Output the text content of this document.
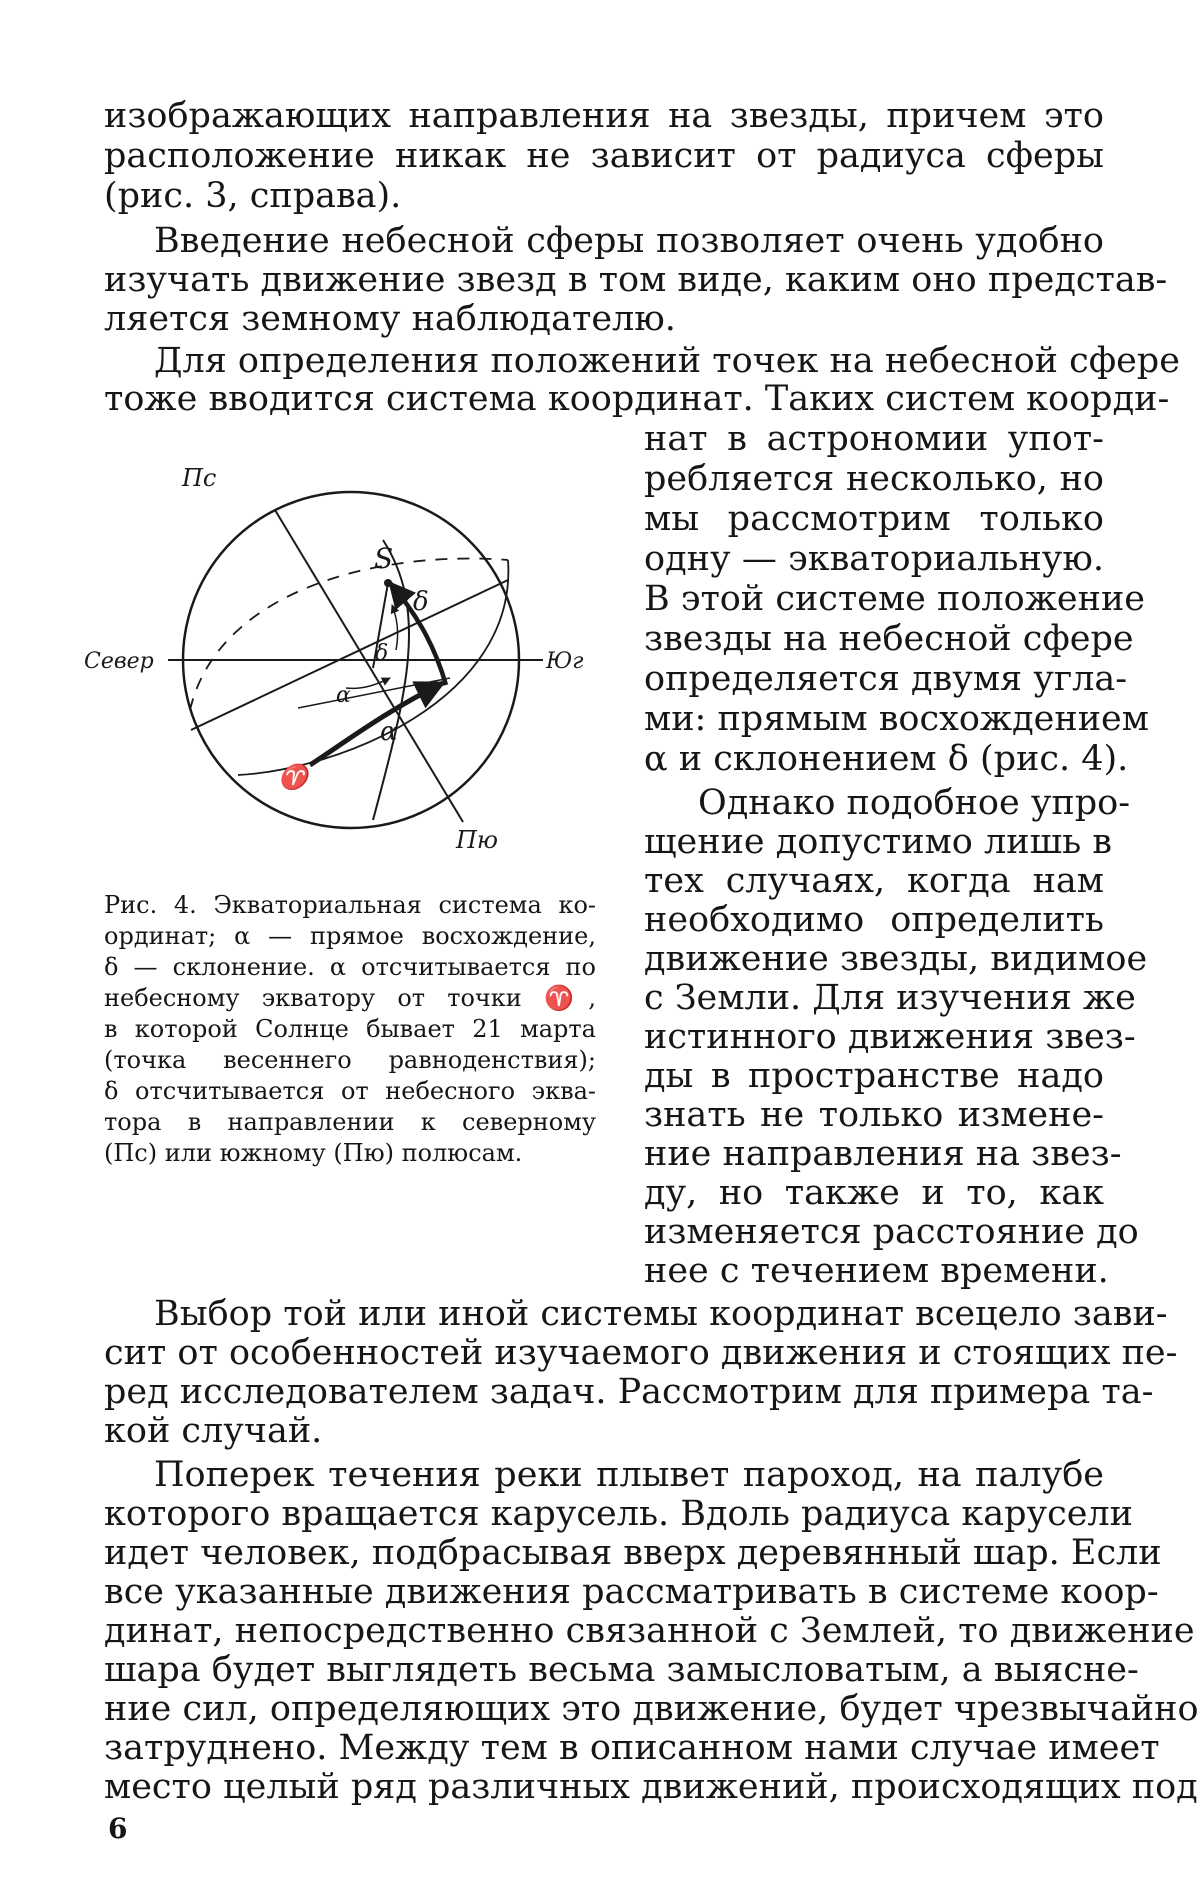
изображающих направления на звезды, причем это

расположение никак не зависит от радиуса сферы

(рис. 3, справа).

Введение небесной сферы позволяет очень удобно

изучать движение звезд в том виде, каким оно представ-

ляется земному наблюдателю.

Для определения положений точек на небесной сфере

тоже вводится система координат. Таких систем коорди-

нат в астрономии упот-

ребляется несколько, но

мы рассмотрим только

одну — экваториальную.

В этой системе положение

звезды на небесной сфере

определяется двумя угла-

ми: прямым восхождением

α и склонением δ (рис. 4).

Однако подобное упро-

щение допустимо лишь в

тех случаях, когда нам

необходимо определить

движение звезды, видимое

с Земли. Для изучения же

истинного движения звез-

ды в пространстве надо

знать не только измене-

ние направления на звез-

ду, но также и то, как

изменяется расстояние до

нее с течением времени.

Пс
Пю
Север	Юг
S
δ
δ
α
α
♈

Рис. 4. Экваториальная система ко-

ординат; α — прямое восхождение,

δ — склонение. α отсчитывается по

небесному экватору от точки ♈,

в которой Солнце бывает 21 марта

(точка весеннего равноденствия);

δ отсчитывается от небесного эква-

тора в направлении к северному

(Пс) или южному (Пю) полюсам.

Выбор той или иной системы координат всецело зави-

сит от особенностей изучаемого движения и стоящих пе-

ред исследователем задач. Рассмотрим для примера та-

кой случай.

Поперек течения реки плывет пароход, на палубе

которого вращается карусель. Вдоль радиуса карусели

идет человек, подбрасывая вверх деревянный шар. Если

все указанные движения рассматривать в системе коор-

динат, непосредственно связанной с Землей, то движение

шара будет выглядеть весьма замысловатым, а выясне-

ние сил, определяющих это движение, будет чрезвычайно

затруднено. Между тем в описанном нами случае имеет

место целый ряд различных движений, происходящих под

6
